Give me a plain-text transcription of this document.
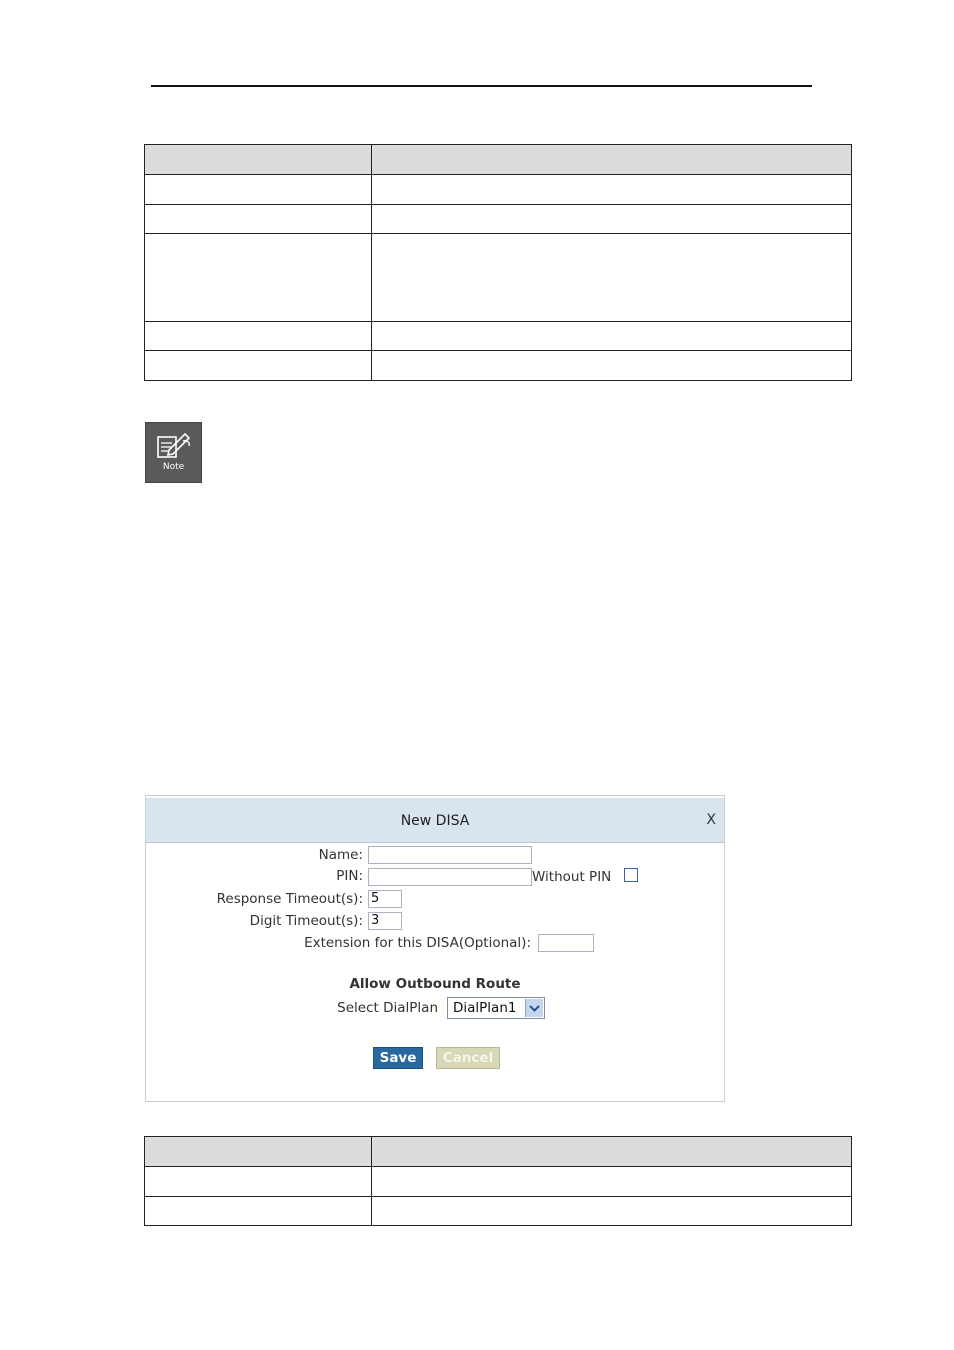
Note
New DISA	X
Name:
PIN:	Without PIN
Response Timeout(s): 5
Digit Timeout(s): 3
Extension for this DISA(Optional):
Allow Outbound Route
Select DialPlan DialPlan1
Save	Cancel
